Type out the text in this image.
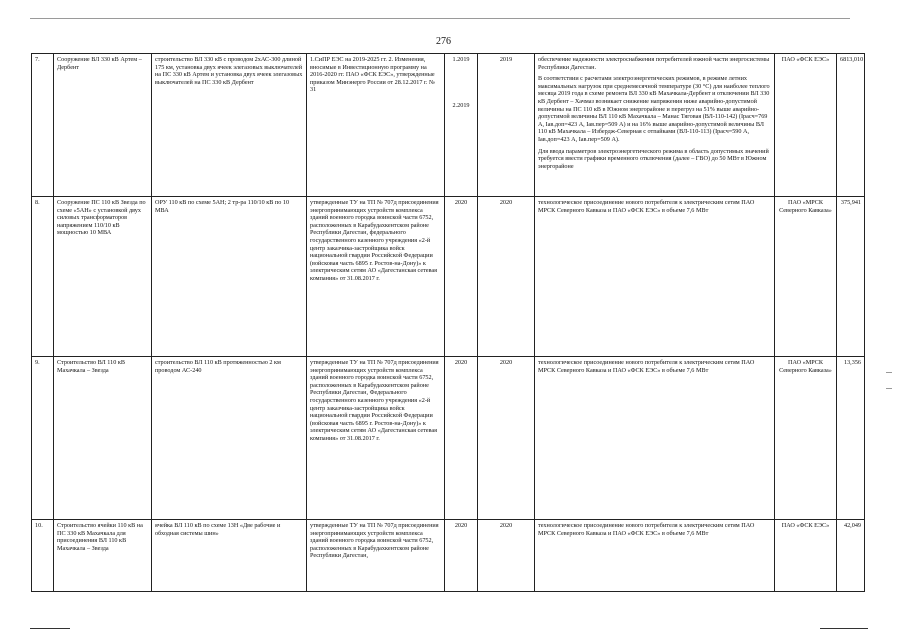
276
7.	Сооружение ВЛ 330 кВ Артем – Дербент	строительство ВЛ 330 кВ с проводом 2хАС-300 длиной 175 км, установка двух ячеек элегазовых выключателей на ПС 330 кВ Артем и установка двух ячеек элегазовых выключателей на ПС 330 кВ Дербент	1.СиПР ЕЭС на 2019-2025 гг. 2. Изменения, вносимые в Инвестиционную программу на 2016-2020 гг. ПАО «ФСК ЕЭС», утвержденные приказом Минэнерго России от 28.12.2017 г. № 31	1.2019

2.2019	2019	обеспечение надежности электроснабжения потребителей южной части энергосистемы Республики Дагестан.
В соответствии с расчетами электроэнергетических режимов, в режиме летних максимальных нагрузок при среднемесячной температуре (30 °С) для наиболее теплого месяца 2019 года в схеме ремонта ВЛ 330 кВ Махачкала-Дербент и отключении ВЛ 330 кВ Дербент – Хачмаз возникает снижение напряжения ниже аварийно-допустимой величины на ПС 110 кВ в Южном энергорайоне и перегруз на 51% выше аварийно-допустимой величины ВЛ 110 кВ Махачкала – Манас Тяговая (ВЛ-110-142) (Iрасч=769 А, Iав.доп=423 А, Iав.пер=509 А) и на 16% выше аварийно-допустимой величины ВЛ 110 кВ Махачкала – Избердж-Северная с отпайками (ВЛ-110-113) (Iрасч=590 А, Iав.доп=423 А, Iав.пер=509 А).
Для ввода параметров электроэнергетического режима в область допустимых значений требуется ввести графики временного отключения (далее – ГВО) до 50 МВт в Южном энергорайоне	ПАО «ФСК ЕЭС»	6813,010
8.	Сооружение ПС 110 кВ Звезда по схеме «5АН» с установкой двух силовых трансформаторов напряжением 110/10 кВ мощностью 10 МВА	ОРУ 110 кВ по схеме 5АН; 2 тр-ра 110/10 кВ по 10 МВА	утвержденные ТУ на ТП № 707д присоединения энергопринимающих устройств комплекса зданий военного городка воинской части 6752, расположенных в Карабудахкентском районе Республики Дагестан, федерального государственного казенного учреждения «2-й центр заказчика-застройщика войск национальной гвардии Российской Федерации (войсковая часть 6895 г. Ростов-на-Дону)» к электрическим сетям АО «Дагестанская сетевая компания» от 31.08.2017 г.	2020	2020	технологическое присоединение нового потребителя к электрическим сетям ПАО МРСК Северного Кавказа и ПАО «ФСК ЕЭС» в объеме 7,6 МВт	ПАО «МРСК Северного Кавказа»	375,941
9.	Строительство ВЛ 110 кВ Махачкала – Звезда	строительство ВЛ 110 кВ протяженностью 2 км проводом АС-240	утвержденные ТУ на ТП № 707д присоединения энергопринимающих устройств комплекса зданий военного городка воинской части 6752, расположенных в Карабудахкентском районе Республики Дагестан, Федерального государственного казенного учреждения «2-й центр заказчика-застройщика войск национальной гвардии Российской Федерации (войсковая часть 6895 г. Ростов-на-Дону)» к электрическим сетям АО «Дагестанская сетевая компания» от 31.08.2017 г.	2020	2020	технологическое присоединение нового потребителя к электрическим сетям ПАО МРСК Северного Кавказа и ПАО «ФСК ЕЭС» в объеме 7,6 МВт	ПАО «МРСК Северного Кавказа»	13,356
10.	Строительство ячейки 110 кВ на ПС 330 кВ Махачкала для присоединения ВЛ 110 кВ Махачкала – Звезда	ячейка ВЛ 110 кВ по схеме 13Н «Две рабочие и обходная системы шин»	утвержденные ТУ на ТП № 707д присоединения энергопринимающих устройств комплекса зданий военного городка воинской части 6752, расположенных в Карабудахкентском районе Республики Дагестан,	2020	2020	технологическое присоединение нового потребителя к электрическим сетям ПАО МРСК Северного Кавказа и ПАО «ФСК ЕЭС» в объеме 7,6 МВт	ПАО «ФСК ЕЭС»	42,049
